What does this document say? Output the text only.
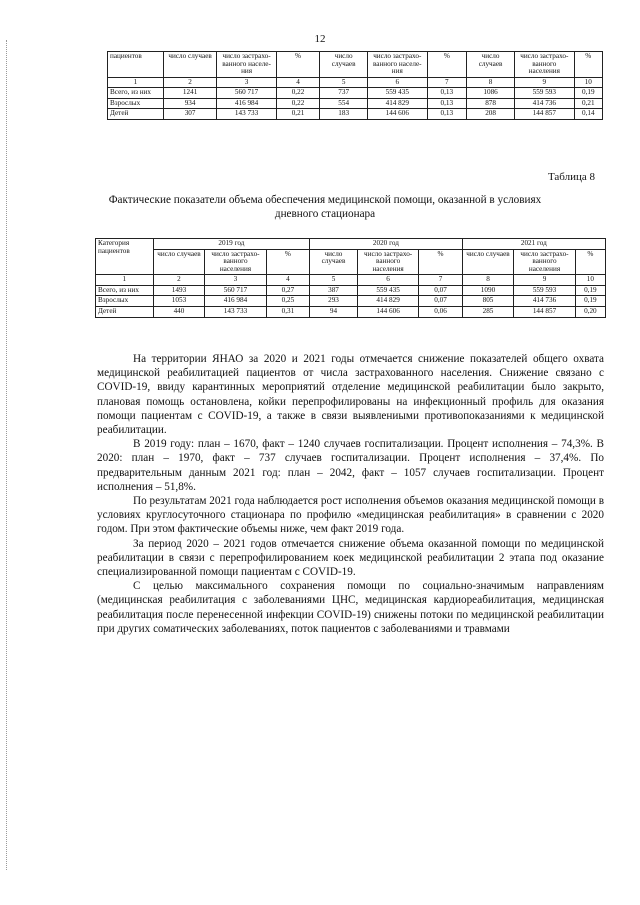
12
пациентов	число случаев	число застрахо-ванного населе-ния	%	число случаев	число застрахо-ванного населе-ния	%	число случаев	число застрахо-ванного населения	%
1	2	3	4	5	6	7	8	9	10
Всего, из них	1241	560 717	0,22	737	559 435	0,13	1086	559 593	0,19
Взрослых	934	416 984	0,22	554	414 829	0,13	878	414 736	0,21
Детей	307	143 733	0,21	183	144 606	0,13	208	144 857	0,14
Таблица 8
Фактические показатели объема обеспечения медицинской помощи, оказанной в условиях дневного стационара
Категория пациентов	2019 год			2020 год			2021 год		
	число случаев	число застрахо-ванного населения	%	число случаев	число застрахо-ванного населения	%	число случаев	число застрахо-ванного населения	%
1	2	3	4	5	6	7	8	9	10
Всего, из них	1493	560 717	0,27	387	559 435	0,07	1090	559 593	0,19
Взрослых	1053	416 984	0,25	293	414 829	0,07	805	414 736	0,19
Детей	440	143 733	0,31	94	144 606	0,06	285	144 857	0,20

На территории ЯНАО за 2020 и 2021 годы отмечается снижение показателей общего охвата медицинской реабилитацией пациентов от числа застрахованного населения. Снижение связано с COVID-19, ввиду карантинных мероприятий отделение медицинской реабилитации было закрыто, плановая помощь остановлена, койки перепрофилированы на инфекционный профиль для оказания помощи пациентам с COVID-19, а также в связи выявлениыми противопоказаниями к медицинской реабилитации.

В 2019 году: план – 1670, факт – 1240 случаев госпитализации. Процент исполнения – 74,3%. В 2020: план – 1970, факт – 737 случаев госпитализации. Процент исполнения – 37,4%. По предварительным данным 2021 год: план – 2042, факт – 1057 случаев госпитализации. Процент исполнения – 51,8%.

По результатам 2021 года наблюдается рост исполнения объемов оказания медицинской помощи в условиях круглосуточного стационара по профилю «медицинская реабилитация» в сравнении с 2020 годом. При этом фактические объемы ниже, чем факт 2019 года.

За период 2020 – 2021 годов отмечается снижение объема оказанной помощи по медицинской реабилитации в связи с перепрофилированием коек медицинской реабилитации 2 этапа под оказание специализированной помощи пациентам с COVID-19.

С целью максимального сохранения помощи по социально-значимым направлениям (медицинская реабилитация с заболеваниями ЦНС, медицинская кардиореабилитация, медицинская реабилитация после перенесенной инфекции COVID-19) снижены потоки по медицинской реабилитации при других соматических заболеваниях, поток пациентов с заболеваниями и травмами
